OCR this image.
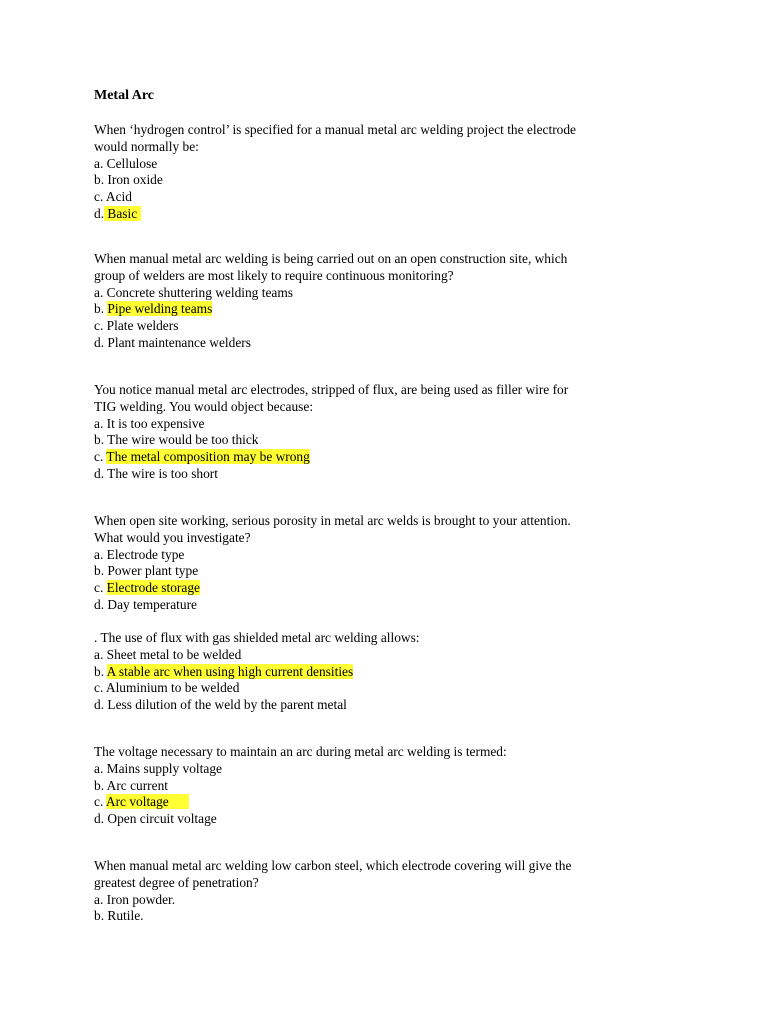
Metal Arc
When ‘hydrogen control’ is specified for a manual metal arc welding project the electrode
would normally be:
a. Cellulose
b. Iron oxide
c. Acid
d. Basic
When manual metal arc welding is being carried out on an open construction site, which
group of welders are most likely to require continuous monitoring?
a. Concrete shuttering welding teams
b. Pipe welding teams
c. Plate welders
d. Plant maintenance welders
You notice manual metal arc electrodes, stripped of flux, are being used as filler wire for
TIG welding. You would object because:
a. It is too expensive
b. The wire would be too thick
c. The metal composition may be wrong
d. The wire is too short
When open site working, serious porosity in metal arc welds is brought to your attention.
What would you investigate?
a. Electrode type
b. Power plant type
c. Electrode storage
d. Day temperature
. The use of flux with gas shielded metal arc welding allows:
a. Sheet metal to be welded
b. A stable arc when using high current densities
c. Aluminium to be welded
d. Less dilution of the weld by the parent metal
The voltage necessary to maintain an arc during metal arc welding is termed:
a. Mains supply voltage
b. Arc current
c. Arc voltage
d. Open circuit voltage
When manual metal arc welding low carbon steel, which electrode covering will give the
greatest degree of penetration?
a. Iron powder.
b. Rutile.
